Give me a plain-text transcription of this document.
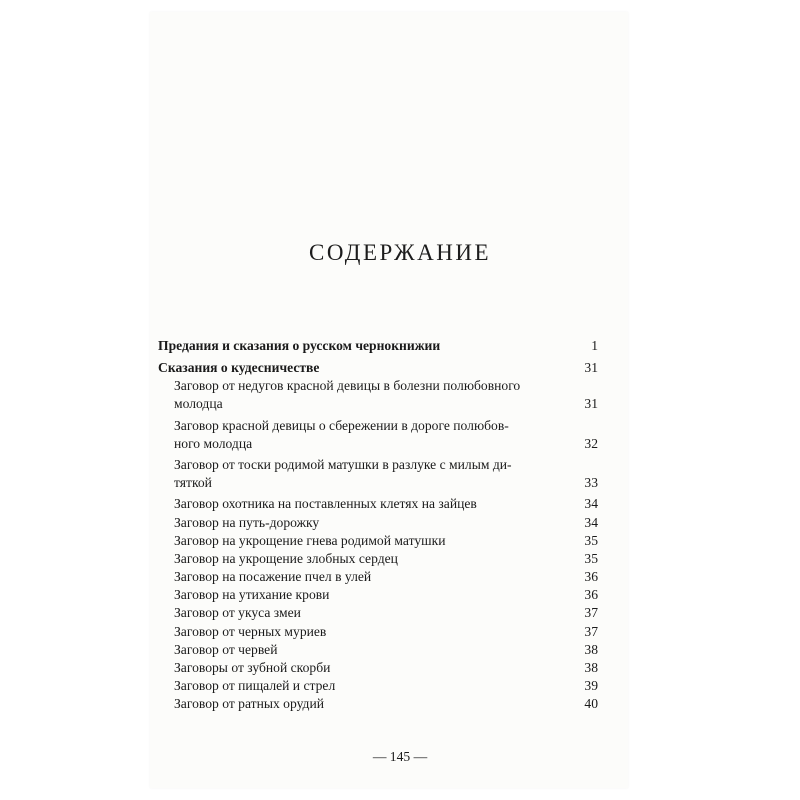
СОДЕРЖАНИЕ
Предания и сказания о русском чернокнижии	1
Сказания о кудесничестве	31
Заговор от недугов красной девицы в болезни полюбовного
молодца	31
Заговор красной девицы о сбережении в дороге полюбов-
ного молодца	32
Заговор от тоски родимой матушки в разлуке с милым ди-
тяткой	33
Заговор охотника на поставленных клетях на зайцев	34
Заговор на путь-дорожку	34
Заговор на укрощение гнева родимой матушки	35
Заговор на укрощение злобных сердец	35
Заговор на посажение пчел в улей	36
Заговор на утихание крови	36
Заговор от укуса змеи	37
Заговор от черных муриев	37
Заговор от червей	38
Заговоры от зубной скорби	38
Заговор от пищалей и стрел	39
Заговор от ратных орудий	40
— 145 —
